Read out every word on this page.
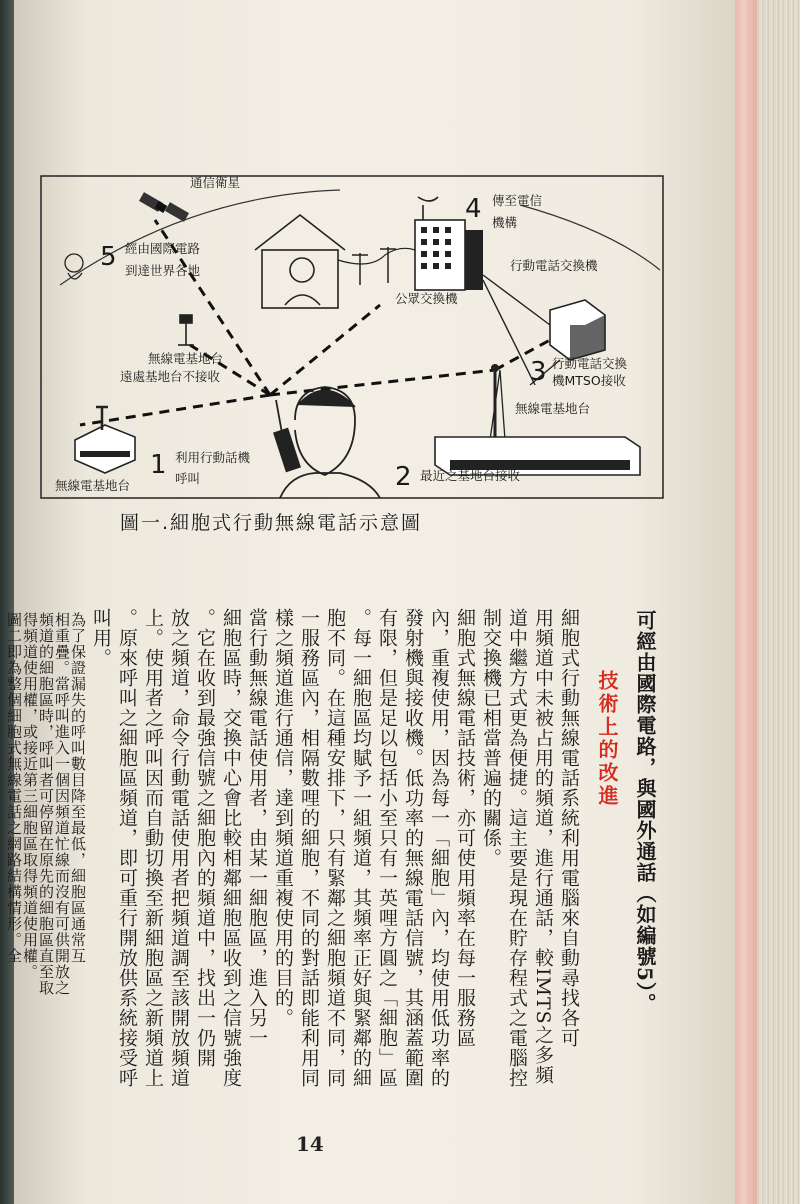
通信衛星
5 經由國際電路
到達世界各地
公眾交換機
4 傳至電信
機構
行動電話交換機
3 行動電話交換
機MTSO接收
無線電基地台
遠處基地台不接收
無線電基地台
無線電基地台
1 利用行動話機
呼叫	2 最近之基地台接收
圖一.細胞式行動無線電話示意圖
可經由國際電路，與國外通話（如編號5）。
技術上的改進
細胞式行動無線電話系統利用電腦來自動尋找各可
用頻道中未被占用的頻道，進行通話，較IMTS之多頻
道中繼方式更為便捷。這主要是現在貯存程式之電腦控
制交換機已相當普遍的關係。
細胞式無線電話技術，亦可使用頻率在每一服務區
內，重複使用，因為每一「細胞」內，均使用低功率的
發射機與接收機。低功率的無線電話信號，其涵蓋範圍
有限，但是足以包括小至只有一英哩方圓之「細胞」區
。每一細胞區均賦予一組頻道，其頻率正好與緊鄰的細
胞不同。在這種安排下，只有緊鄰之細胞頻道不同，同
一服務區內，相隔數哩的細胞，不同的對話即能利用同
樣之頻道進行通信，達到頻道重複使用的目的。
當行動無線電話使用者，由某一細胞區，進入另一
細胞區時，交換中心會比較相鄰細胞區收到之信號強度
。它在收到最強信號之細胞內的頻道中，找出一仍開
放之頻道，命令行動電話使用者把頻道調至該開放頻道
上。使用者之呼叫因而自動切換至新細胞區之新頻道上
。原來呼叫之細胞區頻道，即可重行開放供系統接受呼
叫用。
為了保證漏失的呼叫數目降至最低，細胞區通常互
相重疊。當呼叫進入一個因頻道忙線而沒有可供開放之
14
頻道的細胞區時，呼叫者可停留在原先的細胞區直至取
得頻道使用權，或接近第三細胞區取得頻道使用權。
圖二即為整個細胞式無線電話之網路結構情形。全
